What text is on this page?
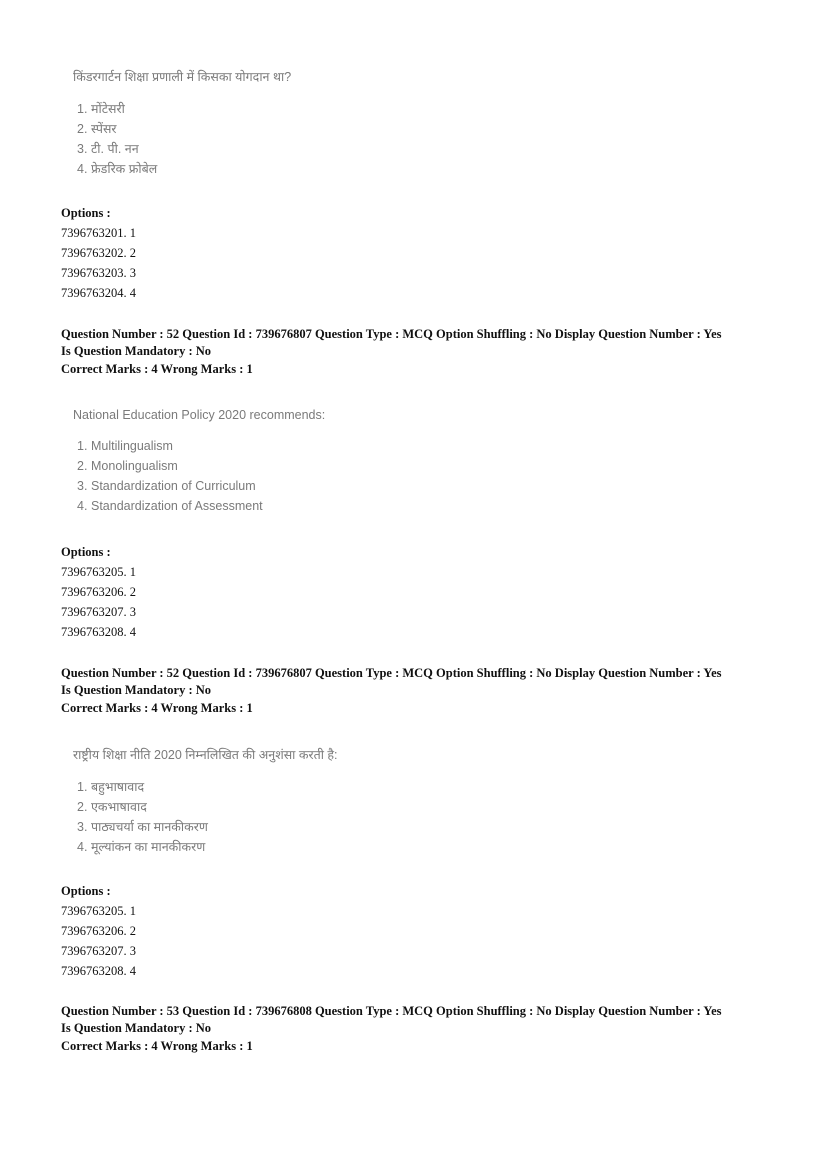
किंडरगार्टन शिक्षा प्रणाली में किसका योगदान था?
1. मोंटेसरी
2. स्पेंसर
3. टी. पी. नन
4. फ्रेडरिक फ्रोबेल
Options :
7396763201. 1
7396763202. 2
7396763203. 3
7396763204. 4
Question Number : 52 Question Id : 739676807 Question Type : MCQ Option Shuffling : No Display Question Number : Yes
Is Question Mandatory : No
Correct Marks : 4 Wrong Marks : 1
National Education Policy 2020 recommends:
1. Multilingualism
2. Monolingualism
3. Standardization of Curriculum
4. Standardization of Assessment
Options :
7396763205. 1
7396763206. 2
7396763207. 3
7396763208. 4
Question Number : 52 Question Id : 739676807 Question Type : MCQ Option Shuffling : No Display Question Number : Yes
Is Question Mandatory : No
Correct Marks : 4 Wrong Marks : 1
राष्ट्रीय शिक्षा नीति 2020 निम्नलिखित की अनुशंसा करती है:
1. बहुभाषावाद
2. एकभाषावाद
3. पाठ्यचर्या का मानकीकरण
4. मूल्यांकन का मानकीकरण
Options :
7396763205. 1
7396763206. 2
7396763207. 3
7396763208. 4
Question Number : 53 Question Id : 739676808 Question Type : MCQ Option Shuffling : No Display Question Number : Yes
Is Question Mandatory : No
Correct Marks : 4 Wrong Marks : 1
